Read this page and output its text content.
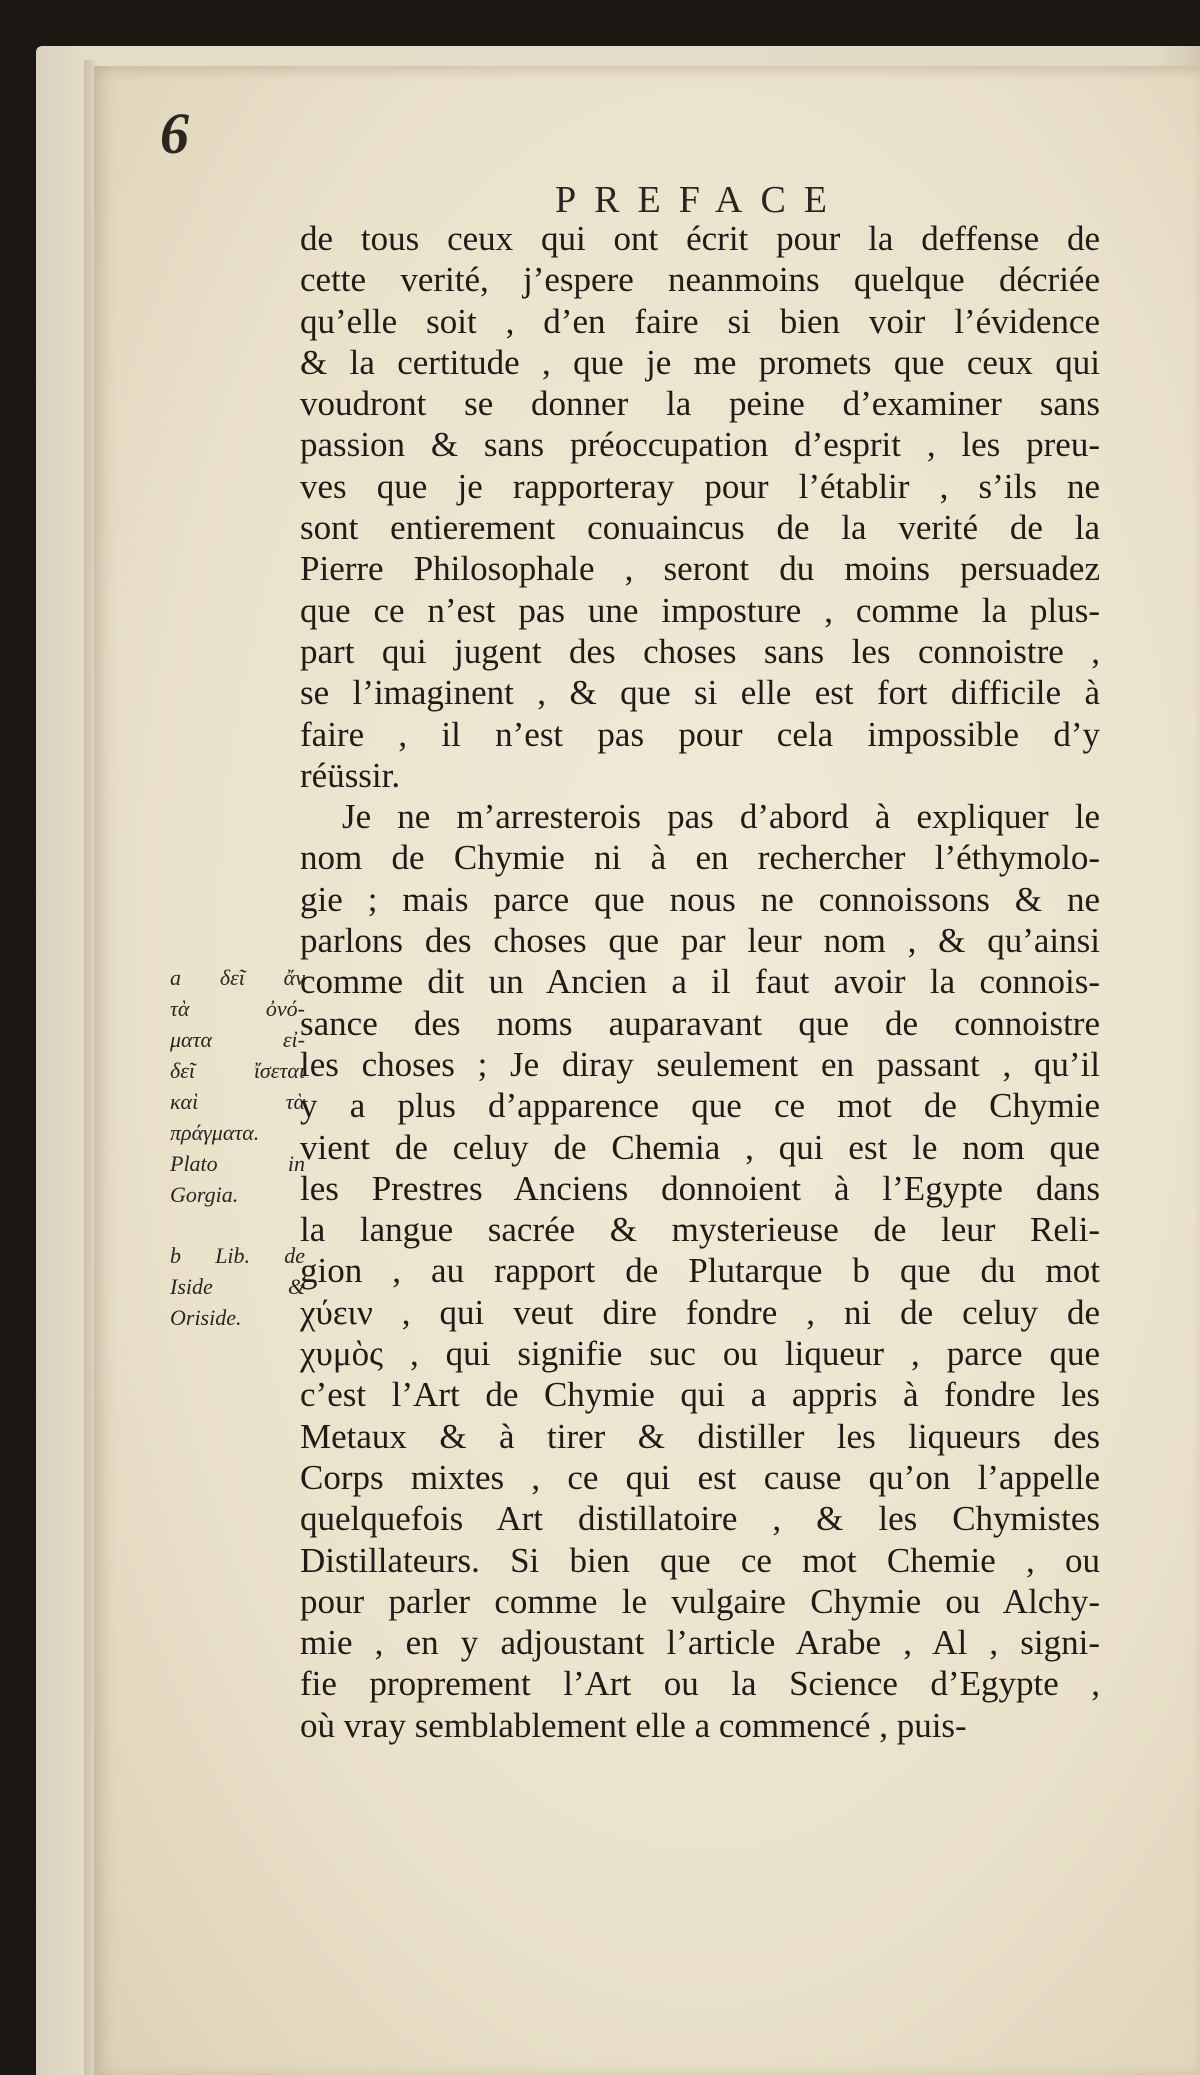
6
PREFACE
de tous ceux qui ont écrit pour la deffense de
cette verité, j’espere neanmoins quelque décriée
qu’elle soit , d’en faire si bien voir l’évidence
& la certitude , que je me promets que ceux qui
voudront se donner la peine d’examiner sans
passion & sans préoccupation d’esprit , les preu-
ves que je rapporteray pour l’établir , s’ils ne
sont entierement conuaincus de la verité de la
Pierre Philosophale , seront du moins persuadez
que ce n’est pas une imposture , comme la plus-
part qui jugent des choses sans les connoistre ,
se l’imaginent , & que si elle est fort difficile à
faire , il n’est pas pour cela impossible d’y
réüssir.
Je ne m’arresterois pas d’abord à expliquer le
nom de Chymie ni à en rechercher l’éthymolo-
gie ; mais parce que nous ne connoissons & ne
parlons des choses que par leur nom , & qu’ainsi
comme dit un Ancien a il faut avoir la connois-
sance des noms auparavant que de connoistre
les choses ; Je diray seulement en passant , qu’il
y a plus d’apparence que ce mot de Chymie
vient de celuy de Chemia , qui est le nom que
les Prestres Anciens donnoient à l’Egypte dans
la langue sacrée & mysterieuse de leur Reli-
gion , au rapport de Plutarque b que du mot
χύειν , qui veut dire fondre , ni de celuy de
χυμὸς , qui signifie suc ou liqueur , parce que
c’est l’Art de Chymie qui a appris à fondre les
Metaux & à tirer & distiller les liqueurs des
Corps mixtes , ce qui est cause qu’on l’appelle
quelquefois Art distillatoire , & les Chymistes
Distillateurs. Si bien que ce mot Chemie , ou
pour parler comme le vulgaire Chymie ou Alchy-
mie , en y adjoustant l’article Arabe , Al , signi-
fie proprement l’Art ou la Science d’Egypte ,
où vray semblablement elle a commencé , puis-
a δεῖ ἄν
τὰ ὀνό-
ματα εἰ-
δεῖ ἴσεται
καὶ τὰ
πράγματα.
Plato in
Gorgia.
b Lib. de
Iside &
Oriside.
